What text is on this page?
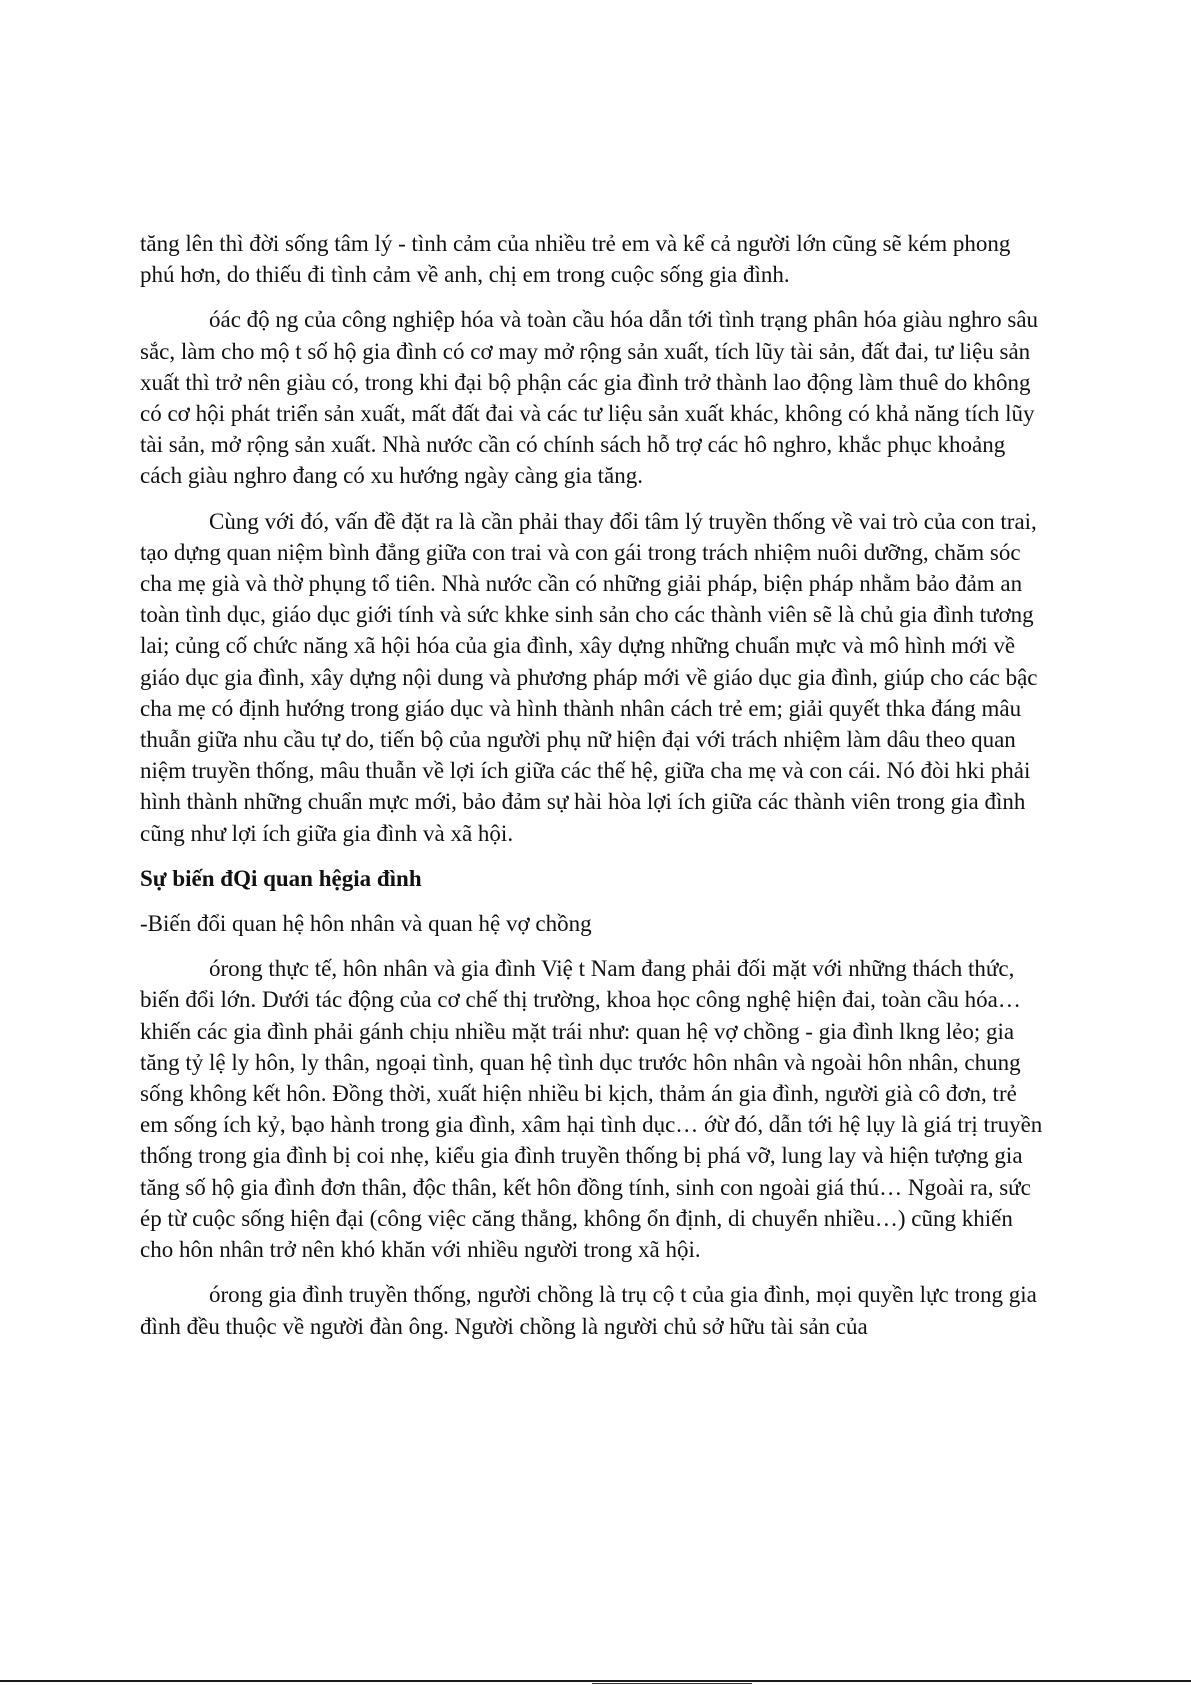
tăng lên thì đời sống tâm lý - tình cảm của nhiều trẻ em và kể cả người lớn cũng sẽ kém phong phú hơn, do thiếu đi tình cảm về anh, chị em trong cuộc sống gia đình.

óác độ ng của công nghiệp hóa và toàn cầu hóa dẫn tới tình trạng phân hóa giàu nghro sâu sắc, làm cho mộ t số hộ gia đình có cơ may mở rộng sản xuất, tích lũy tài sản, đất đai, tư liệu sản xuất thì trở nên giàu có, trong khi đại bộ phận các gia đình trở thành lao động làm thuê do không có cơ hội phát triển sản xuất, mất đất đai và các tư liệu sản xuất khác, không có khả năng tích lũy tài sản, mở rộng sản xuất. Nhà nước cần có chính sách hỗ trợ các hô nghro, khắc phục khoảng cách giàu nghro đang có xu hướng ngày càng gia tăng.

Cùng với đó, vấn đề đặt ra là cần phải thay đổi tâm lý truyền thống về vai trò của con trai, tạo dựng quan niệm bình đẳng giữa con trai và con gái trong trách nhiệm nuôi dưỡng, chăm sóc cha mẹ già và thờ phụng tổ tiên. Nhà nước cần có những giải pháp, biện pháp nhằm bảo đảm an toàn tình dục, giáo dục giới tính và sức khke sinh sản cho các thành viên sẽ là chủ gia đình tương lai; củng cố chức năng xã hội hóa của gia đình, xây dựng những chuẩn mực và mô hình mới về giáo dục gia đình, xây dựng nội dung và phương pháp mới về giáo dục gia đình, giúp cho các bậc cha mẹ có định hướng trong giáo dục và hình thành nhân cách trẻ em; giải quyết thka đáng mâu thuẫn giữa nhu cầu tự do, tiến bộ của người phụ nữ hiện đại với trách nhiệm làm dâu theo quan niệm truyền thống, mâu thuẫn về lợi ích giữa các thế hệ, giữa cha mẹ và con cái. Nó đòi hki phải hình thành những chuẩn mực mới, bảo đảm sự hài hòa lợi ích giữa các thành viên trong gia đình cũng như lợi ích giữa gia đình và xã hội.

Sự biến đQi quan hệgia đình

-Biến đổi quan hệ hôn nhân và quan hệ vợ chồng

órong thực tế, hôn nhân và gia đình Việ t Nam đang phải đối mặt với những thách thức, biến đổi lớn. Dưới tác động của cơ chế thị trường, khoa học công nghệ hiện đai, toàn cầu hóa… khiến các gia đình phải gánh chịu nhiều mặt trái như: quan hệ vợ chồng - gia đình lkng lẻo; gia tăng tỷ lệ ly hôn, ly thân, ngoại tình, quan hệ tình dục trước hôn nhân và ngoài hôn nhân, chung sống không kết hôn. Đồng thời, xuất hiện nhiều bi kịch, thảm án gia đình, người già cô đơn, trẻ em sống ích kỷ, bạo hành trong gia đình, xâm hại tình dục… ớừ đó, dẫn tới hệ lụy là giá trị truyền thống trong gia đình bị coi nhẹ, kiểu gia đình truyền thống bị phá vỡ, lung lay và hiện tượng gia tăng số hộ gia đình đơn thân, độc thân, kết hôn đồng tính, sinh con ngoài giá thú… Ngoài ra, sức ép từ cuộc sống hiện đại (công việc căng thẳng, không ổn định, di chuyển nhiều…) cũng khiến cho hôn nhân trở nên khó khăn với nhiều người trong xã hội.

órong gia đình truyền thống, người chồng là trụ cộ t của gia đình, mọi quyền lực trong gia đình đều thuộc về người đàn ông. Người chồng là người chủ sở hữu tài sản của
